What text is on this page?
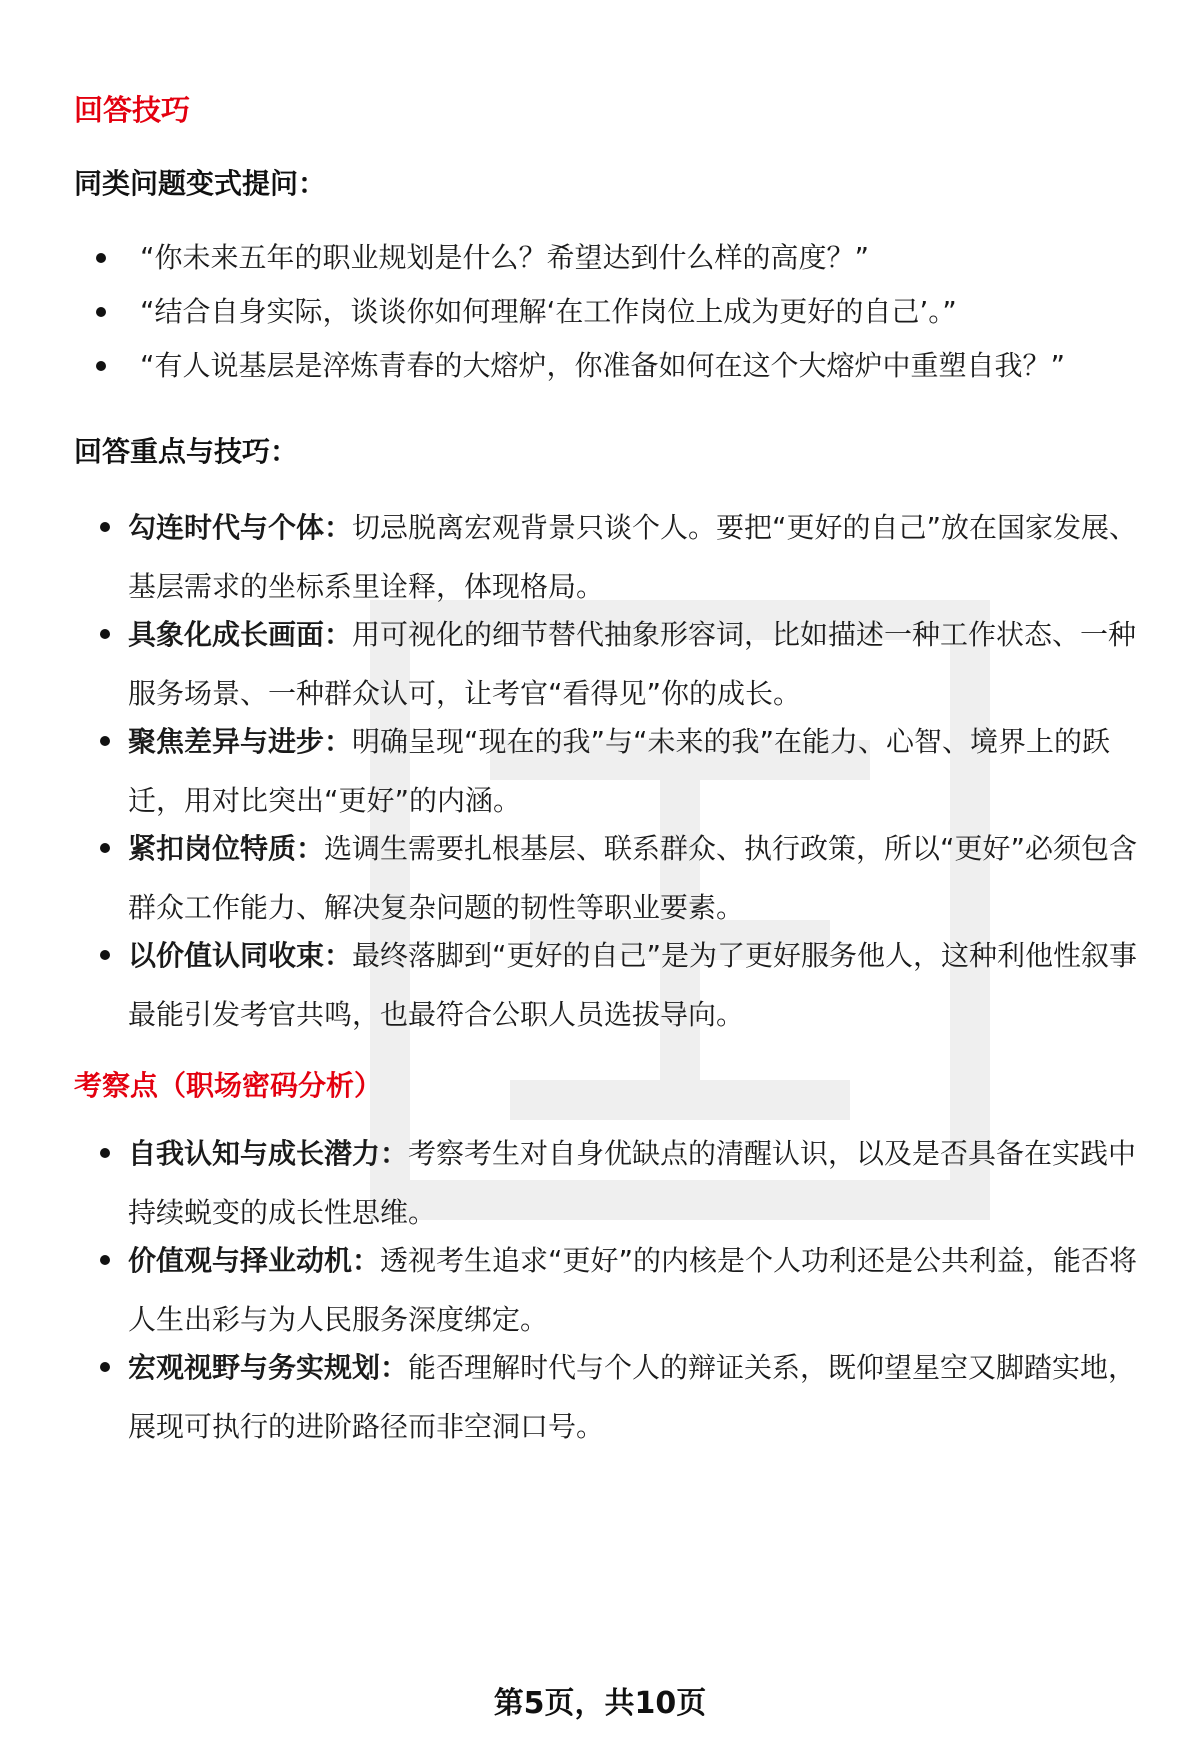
回答技巧
同类问题变式提问：
“你未来五年的职业规划是什么？希望达到什么样的高度？”
“结合自身实际，谈谈你如何理解‘在工作岗位上成为更好的自己’。”
“有人说基层是淬炼青春的大熔炉，你准备如何在这个大熔炉中重塑自我？”
回答重点与技巧：
勾连时代与个体：切忌脱离宏观背景只谈个人。要把“更好的自己”放在国家发展、基层需求的坐标系里诠释，体现格局。
具象化成长画面：用可视化的细节替代抽象形容词，比如描述一种工作状态、一种服务场景、一种群众认可，让考官“看得见”你的成长。
聚焦差异与进步：明确呈现“现在的我”与“未来的我”在能力、心智、境界上的跃迁，用对比突出“更好”的内涵。
紧扣岗位特质：选调生需要扎根基层、联系群众、执行政策，所以“更好”必须包含群众工作能力、解决复杂问题的韧性等职业要素。
以价值认同收束：最终落脚到“更好的自己”是为了更好服务他人，这种利他性叙事最能引发考官共鸣，也最符合公职人员选拔导向。
考察点（职场密码分析）
自我认知与成长潜力：考察考生对自身优缺点的清醒认识，以及是否具备在实践中持续蜕变的成长性思维。
价值观与择业动机：透视考生追求“更好”的内核是个人功利还是公共利益，能否将人生出彩与为人民服务深度绑定。
宏观视野与务实规划：能否理解时代与个人的辩证关系，既仰望星空又脚踏实地，展现可执行的进阶路径而非空洞口号。
第5页，共10页
